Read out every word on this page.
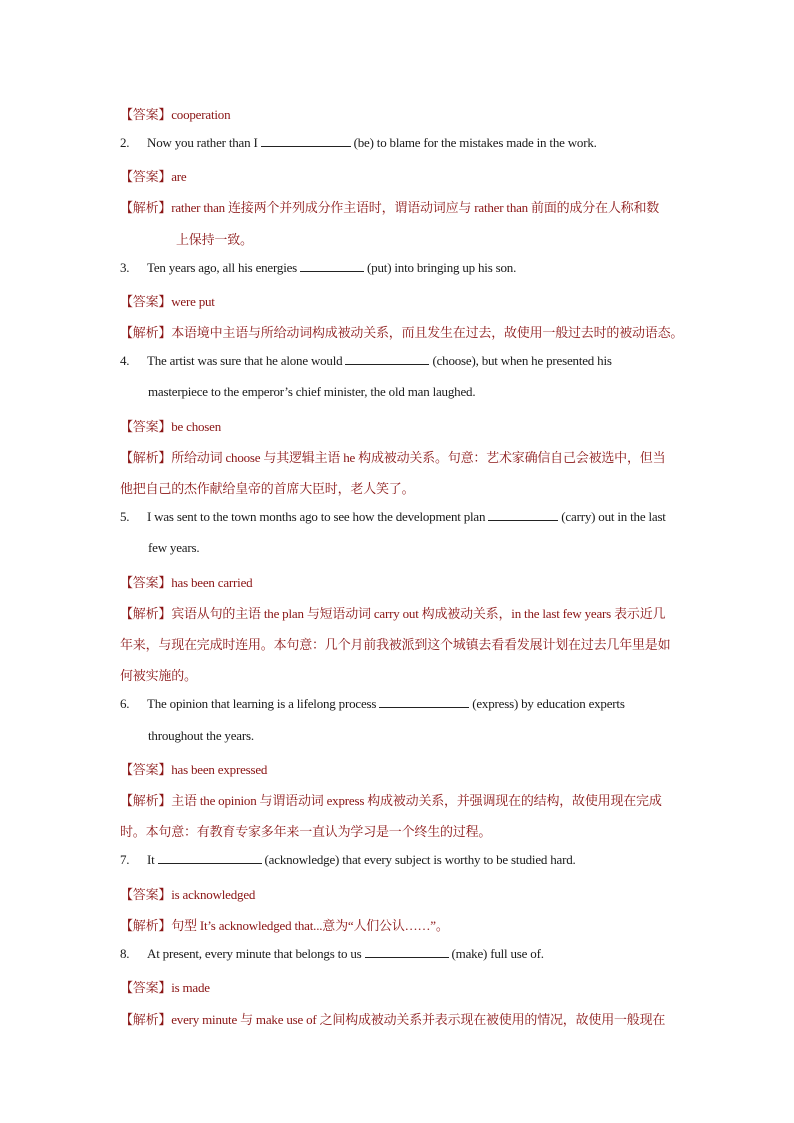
【答案】cooperation
2. Now you rather than I	(be) to blame for the mistakes made in the work.
【答案】are
【解析】rather than 连接两个并列成分作主语时，谓语动词应与 rather than 前面的成分在人称和数
上保持一致。
3. Ten years ago, all his energies	(put) into bringing up his son.
【答案】were put
【解析】本语境中主语与所给动词构成被动关系，而且发生在过去，故使用一般过去时的被动语态。
4. The artist was sure that he alone would	(choose), but when he presented his
masterpiece to the emperor’s chief minister, the old man laughed.
【答案】be chosen
【解析】所给动词 choose 与其逻辑主语 he 构成被动关系。句意：艺术家确信自己会被选中，但当
他把自己的杰作献给皇帝的首席大臣时，老人笑了。
5. I was sent to the town months ago to see how the development plan	(carry) out in the last
few years.
【答案】has been carried
【解析】宾语从句的主语 the plan 与短语动词 carry out 构成被动关系，in the last few years 表示近几
年来，与现在完成时连用。本句意：几个月前我被派到这个城镇去看看发展计划在过去几年里是如
何被实施的。
6. The opinion that learning is a lifelong process	(express) by education experts
throughout the years.
【答案】has been expressed
【解析】主语 the opinion 与谓语动词 express 构成被动关系，并强调现在的结构，故使用现在完成
时。本句意：有教育专家多年来一直认为学习是一个终生的过程。
7. It	(acknowledge) that every subject is worthy to be studied hard.
【答案】is acknowledged
【解析】句型 It’s acknowledged that...意为“人们公认……”。
8. At present, every minute that belongs to us	(make) full use of.
【答案】is made
【解析】every minute 与 make use of 之间构成被动关系并表示现在被使用的情况，故使用一般现在
